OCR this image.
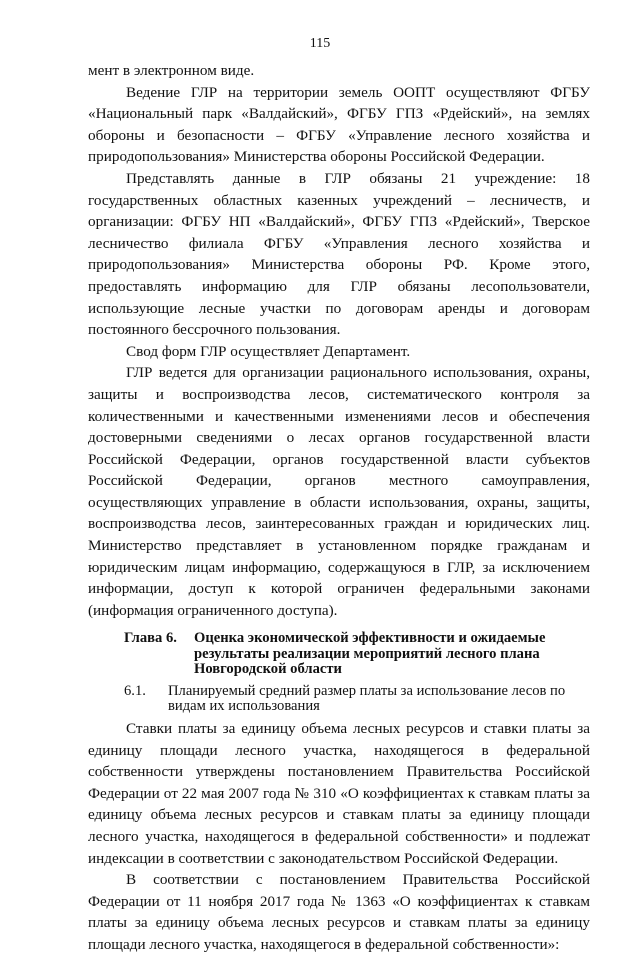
115

мент в электронном виде.

Ведение ГЛР на территории земель ООПТ осуществляют ФГБУ «Национальный парк «Валдайский», ФГБУ ГПЗ «Рдейский», на землях обороны и безопасности – ФГБУ «Управление лесного хозяйства и природопользования» Министерства обороны Российской Федерации.

Представлять данные в ГЛР обязаны 21 учреждение: 18 государственных областных казенных учреждений – лесничеств, и организации: ФГБУ НП «Валдайский», ФГБУ ГПЗ «Рдейский», Тверское лесничество филиала ФГБУ «Управления лесного хозяйства и природопользования» Министерства обороны РФ. Кроме этого, предоставлять информацию для ГЛР обязаны лесопользователи, использующие лесные участки по договорам аренды и договорам постоянного бессрочного пользования.

Свод форм ГЛР осуществляет Департамент.

ГЛР ведется для организации рационального использования, охраны, защиты и воспроизводства лесов, систематического контроля за количественными и качественными изменениями лесов и обеспечения достоверными сведениями о лесах органов государственной власти Российской Федерации, органов государственной власти субъектов Российской Федерации, органов местного самоуправления, осуществляющих управление в области использования, охраны, защиты, воспроизводства лесов, заинтересованных граждан и юридических лиц. Министерство представляет в установленном порядке гражданам и юридическим лицам информацию, содержащуюся в ГЛР, за исключением информации, доступ к которой ограничен федеральными законами (информация ограниченного доступа).

Глава 6.	Оценка экономической эффективности и ожидаемые результаты реализации мероприятий лесного плана Новгородской области
6.1.	Планируемый средний размер платы за использование лесов по видам их использования

Ставки платы за единицу объема лесных ресурсов и ставки платы за единицу площади лесного участка, находящегося в федеральной собственности утверждены постановлением Правительства Российской Федерации от 22 мая 2007 года № 310 «О коэффициентах к ставкам платы за единицу объема лесных ресурсов и ставкам платы за единицу площади лесного участка, находящегося в федеральной собственности» и подлежат индексации в соответствии с законодательством Российской Федерации.

В соответствии с постановлением Правительства Российской Федерации от 11 ноября 2017 года № 1363 «О коэффициентах к ставкам платы за единицу объема лесных ресурсов и ставкам платы за единицу площади лесного участка, находящегося в федеральной собственности»:
